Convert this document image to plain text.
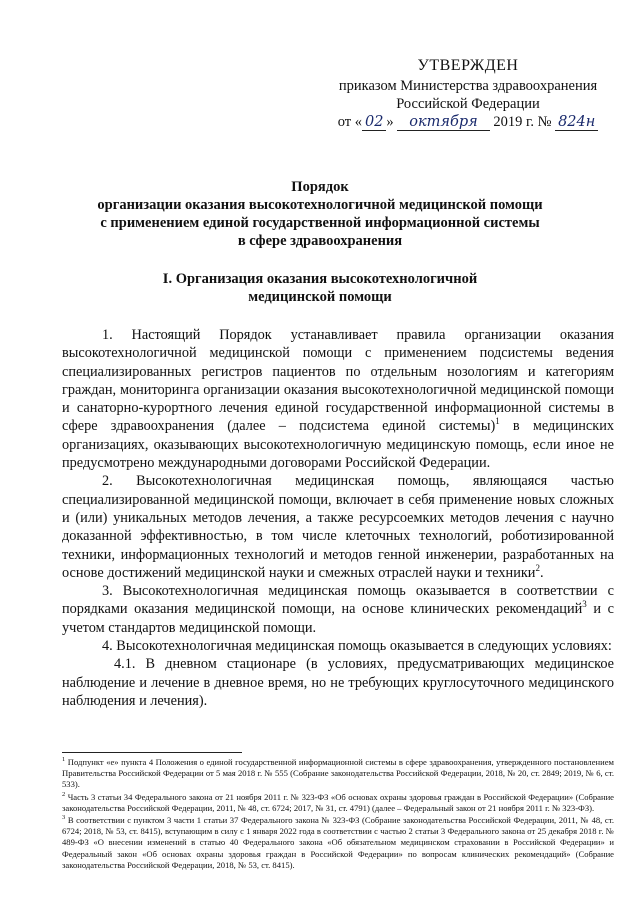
УТВЕРЖДЕН
приказом Министерства здравоохранения
Российской Федерации
от « 02 » октября 2019 г. № 824н
Порядок
организации оказания высокотехнологичной медицинской помощи
с применением единой государственной информационной системы
в сфере здравоохранения
I. Организация оказания высокотехнологичной
медицинской помощи

1. Настоящий Порядок устанавливает правила организации оказания высокотехнологичной медицинской помощи с применением подсистемы ведения специализированных регистров пациентов по отдельным нозологиям и категориям граждан, мониторинга организации оказания высокотехнологичной медицинской помощи и санаторно-курортного лечения единой государственной информационной системы в сфере здравоохранения (далее – подсистема единой системы)$^1$ в медицинских организациях, оказывающих высокотехнологичную медицинскую помощь, если иное не предусмотрено международными договорами Российской Федерации.

2. Высокотехнологичная медицинская помощь, являющаяся частью специализированной медицинской помощи, включает в себя применение новых сложных и (или) уникальных методов лечения, а также ресурсоемких методов лечения с научно доказанной эффективностью, в том числе клеточных технологий, роботизированной техники, информационных технологий и методов генной инженерии, разработанных на основе достижений медицинской науки и смежных отраслей науки и техники$^2$.

3. Высокотехнологичная медицинская помощь оказывается в соответствии с порядками оказания медицинской помощи, на основе клинических рекомендаций$^3$ и с учетом стандартов медицинской помощи.

4. Высокотехнологичная медицинская помощь оказывается в следующих условиях:

4.1. В дневном стационаре (в условиях, предусматривающих медицинское наблюдение и лечение в дневное время, но не требующих круглосуточного медицинского наблюдения и лечения).

$^1$ Подпункт «е» пункта 4 Положения о единой государственной информационной системы в сфере здравоохранения, утвержденного постановлением Правительства Российской Федерации от 5 мая 2018 г. № 555 (Собрание законодательства Российской Федерации, 2018, № 20, ст. 2849; 2019, № 6, ст. 533).

$^2$ Часть 3 статьи 34 Федерального закона от 21 ноября 2011 г. № 323-ФЗ «Об основах охраны здоровья граждан в Российской Федерации» (Собрание законодательства Российской Федерации, 2011, № 48, ст. 6724; 2017, № 31, ст. 4791) (далее – Федеральный закон от 21 ноября 2011 г. № 323-ФЗ).

$^3$ В соответствии с пунктом 3 части 1 статьи 37 Федерального закона № 323-ФЗ (Собрание законодательства Российской Федерации, 2011, № 48, ст. 6724; 2018, № 53, ст. 8415), вступающим в силу с 1 января 2022 года в соответствии с частью 2 статьи 3 Федерального закона от 25 декабря 2018 г. № 489-ФЗ «О внесении изменений в статью 40 Федерального закона «Об обязательном медицинском страховании в Российской Федерации» и Федеральный закон «Об основах охраны здоровья граждан в Российской Федерации» по вопросам клинических рекомендаций» (Собрание законодательства Российской Федерации, 2018, № 53, ст. 8415).
